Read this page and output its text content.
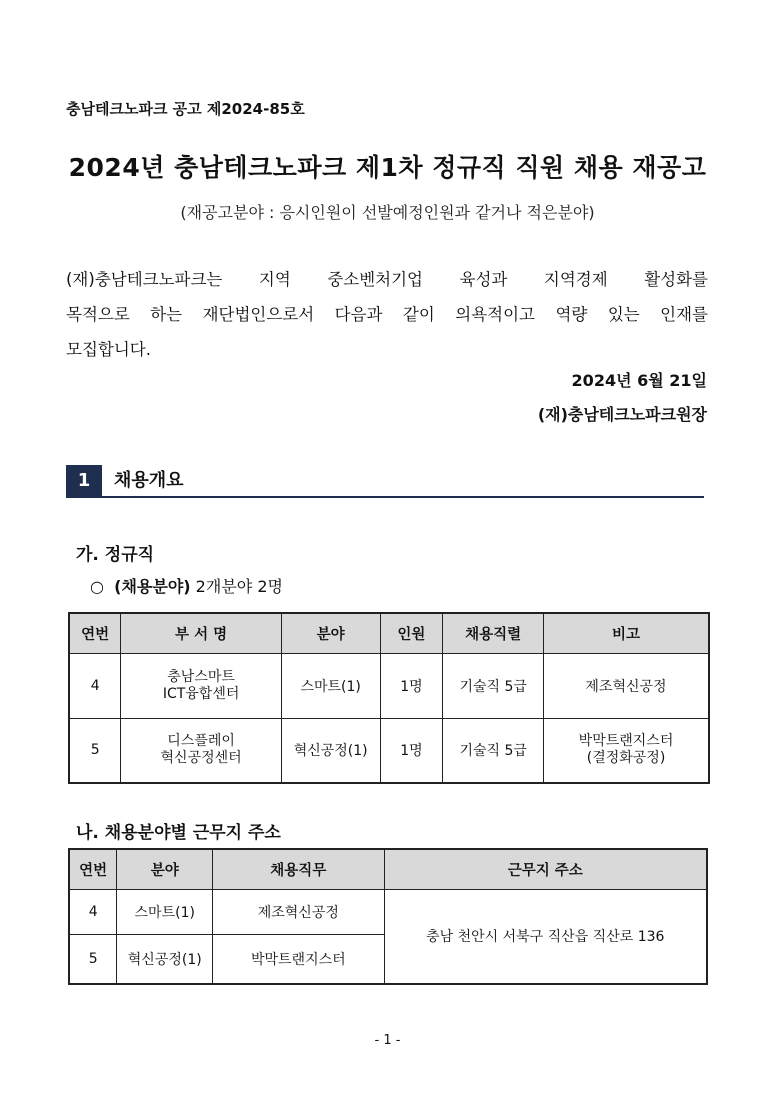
충남테크노파크 공고 제2024-85호
2024년 충남테크노파크 제1차 정규직 직원 채용 재공고
(재공고분야 : 응시인원이 선발예정인원과 같거나 적은분야)
(재)충남테크노파크는 지역 중소벤처기업 육성과 지역경제 활성화를
목적으로 하는 재단법인으로서 다음과 같이 의욕적이고 역량 있는 인재를
모집합니다.
2024년 6월 21일
(재)충남테크노파크원장
1	채용개요
가. 정규직
○ (채용분야) 2개분야 2명
연번	부 서 명	분야	인원	채용직렬	비고
4	충남스마트
ICT융합센터	스마트(1)	1명	기술직 5급	제조혁신공정
5	디스플레이
혁신공정센터	혁신공정(1)	1명	기술직 5급	박막트랜지스터
(결정화공정)
나. 채용분야별 근무지 주소
연번	분야	채용직무	근무지 주소
4	스마트(1)	제조혁신공정	충남 천안시 서북구 직산읍 직산로 136
5	혁신공정(1)	박막트랜지스터	
- 1 -
